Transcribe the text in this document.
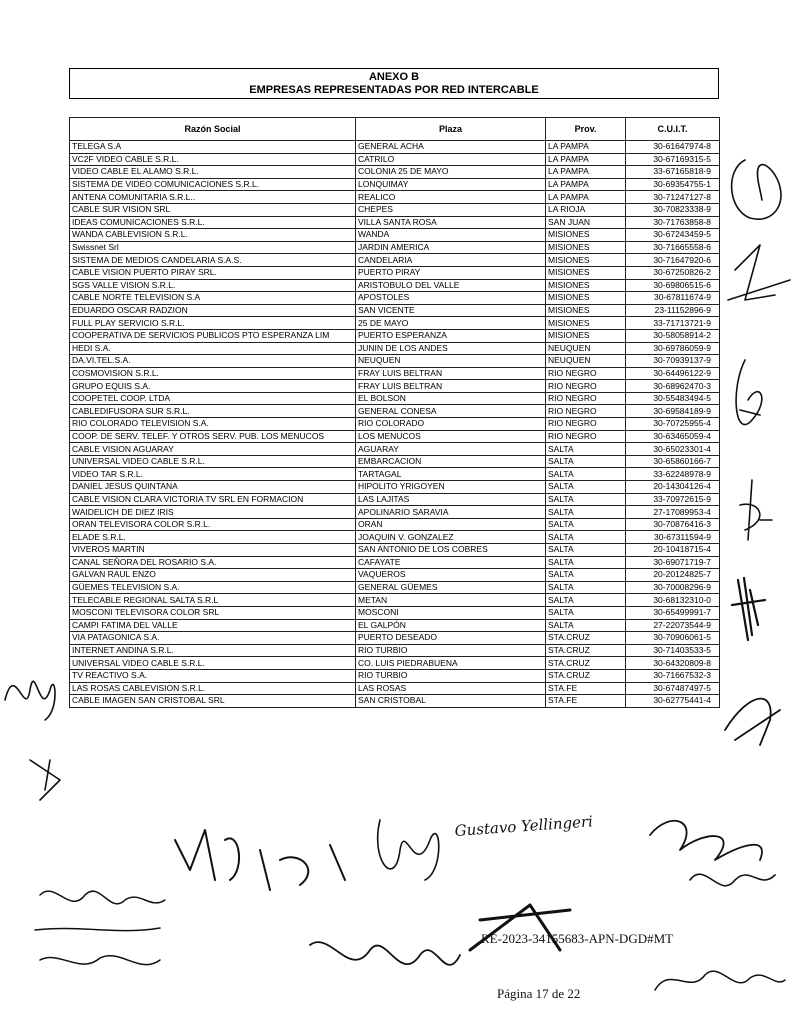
ANEXO B
EMPRESAS REPRESENTADAS POR RED INTERCABLE
Razón Social	Plaza	Prov.	C.U.I.T.
TELEGA S.A	GENERAL ACHA	LA PAMPA	30-61647974-8
VC2F VIDEO CABLE S.R.L.	CATRILO	LA PAMPA	30-67169315-5
VIDEO CABLE EL ALAMO S.R.L.	COLONIA 25 DE MAYO	LA PAMPA	33-67165818-9
SISTEMA DE VIDEO COMUNICACIONES S.R.L.	LONQUIMAY	LA PAMPA	30-69354755-1
ANTENA COMUNITARIA S.R.L..	REALICO	LA PAMPA	30-71247127-8
CABLE SUR VISION SRL	CHEPES	LA RIOJA	30-70823338-9
IDEAS COMUNICACIONES S.R.L.	VILLA SANTA ROSA	SAN JUAN	30-71763858-8
WANDA CABLEVISION S.R.L.	WANDA	MISIONES	30-67243459-5
Swissnet Srl	JARDIN AMERICA	MISIONES	30-71665558-6
SISTEMA DE MEDIOS CANDELARIA S.A.S.	CANDELARIA	MISIONES	30-71647920-6
CABLE VISION PUERTO PIRAY SRL.	PUERTO PIRAY	MISIONES	30-67250826-2
SGS VALLE VISION S.R.L.	ARISTOBULO DEL VALLE	MISIONES	30-69806515-6
CABLE NORTE TELEVISION S.A	APOSTOLES	MISIONES	30-67811674-9
EDUARDO OSCAR RADZION	SAN VICENTE	MISIONES	23-11152896-9
FULL PLAY SERVICIO S.R.L.	25 DE MAYO	MISIONES	33-71713721-9
COOPERATIVA DE SERVICIOS PUBLICOS PTO ESPERANZA LIM	PUERTO ESPERANZA	MISIONES	30-58058914-2
HEDI S.A.	JUNIN DE LOS ANDES	NEUQUEN	30-69786059-9
DA.VI.TEL.S.A.	NEUQUEN	NEUQUEN	30-70939137-9
COSMOVISION S.R.L.	FRAY LUIS BELTRAN	RIO NEGRO	30-64496122-9
GRUPO EQUIS S.A.	FRAY LUIS BELTRAN	RIO NEGRO	30-68962470-3
COOPETEL COOP. LTDA	EL BOLSON	RIO NEGRO	30-55483494-5
CABLEDIFUSORA SUR S.R.L.	GENERAL CONESA	RIO NEGRO	30-69584189-9
RIO COLORADO TELEVISION S.A.	RIO COLORADO	RIO NEGRO	30-70725955-4
COOP. DE SERV. TELEF. Y OTROS SERV. PUB. LOS MENUCOS	LOS MENUCOS	RIO NEGRO	30-63465059-4
CABLE VISION AGUARAY	AGUARAY	SALTA	30-65023301-4
UNIVERSAL VIDEO CABLE S.R.L.	EMBARCACION	SALTA	30-65860166-7
VIDEO TAR S.R.L.	TARTAGAL	SALTA	33-62248978-9
DANIEL JESUS QUINTANA	HIPOLITO YRIGOYEN	SALTA	20-14304126-4
CABLE VISION CLARA VICTORIA TV SRL EN FORMACION	LAS LAJITAS	SALTA	33-70972615-9
WAIDELICH DE DIEZ IRIS	APOLINARIO SARAVIA	SALTA	27-17089953-4
ORAN TELEVISORA COLOR S.R.L.	ORAN	SALTA	30-70876416-3
ELADE S.R.L.	JOAQUIN V. GONZALEZ	SALTA	30-67311594-9
VIVEROS MARTIN	SAN ANTONIO DE LOS COBRES	SALTA	20-10418715-4
CANAL SEÑORA DEL ROSARIO S.A.	CAFAYATE	SALTA	30-69071719-7
GALVAN RAUL ENZO	VAQUEROS	SALTA	20-20124825-7
GÜEMES TELEVISION S.A.	GENERAL GÜEMES	SALTA	30-70008296-9
TELECABLE REGIONAL SALTA S.R.L	METAN	SALTA	30-68132310-0
MOSCONI TELEVISORA COLOR SRL	MOSCONI	SALTA	30-65499991-7
CAMPI FATIMA DEL VALLE	EL GALPÓN	SALTA	27-22073544-9
VIA PATAGONICA S.A.	PUERTO DESEADO	STA.CRUZ	30-70906061-5
INTERNET ANDINA S.R.L.	RIO TURBIO	STA.CRUZ	30-71403533-5
UNIVERSAL VIDEO CABLE S.R.L.	CO. LUIS PIEDRABUENA	STA.CRUZ	30-64320809-8
TV REACTIVO S.A.	RIO TURBIO	STA.CRUZ	30-71667532-3
LAS ROSAS CABLEVISION S.R.L.	LAS ROSAS	STA.FE	30-67487497-5
CABLE IMAGEN SAN CRISTOBAL SRL	SAN CRISTOBAL	STA.FE	30-62775441-4
Gustavo Yellingeri
RE-2023-34155683-APN-DGD#MT
Página 17 de 22
